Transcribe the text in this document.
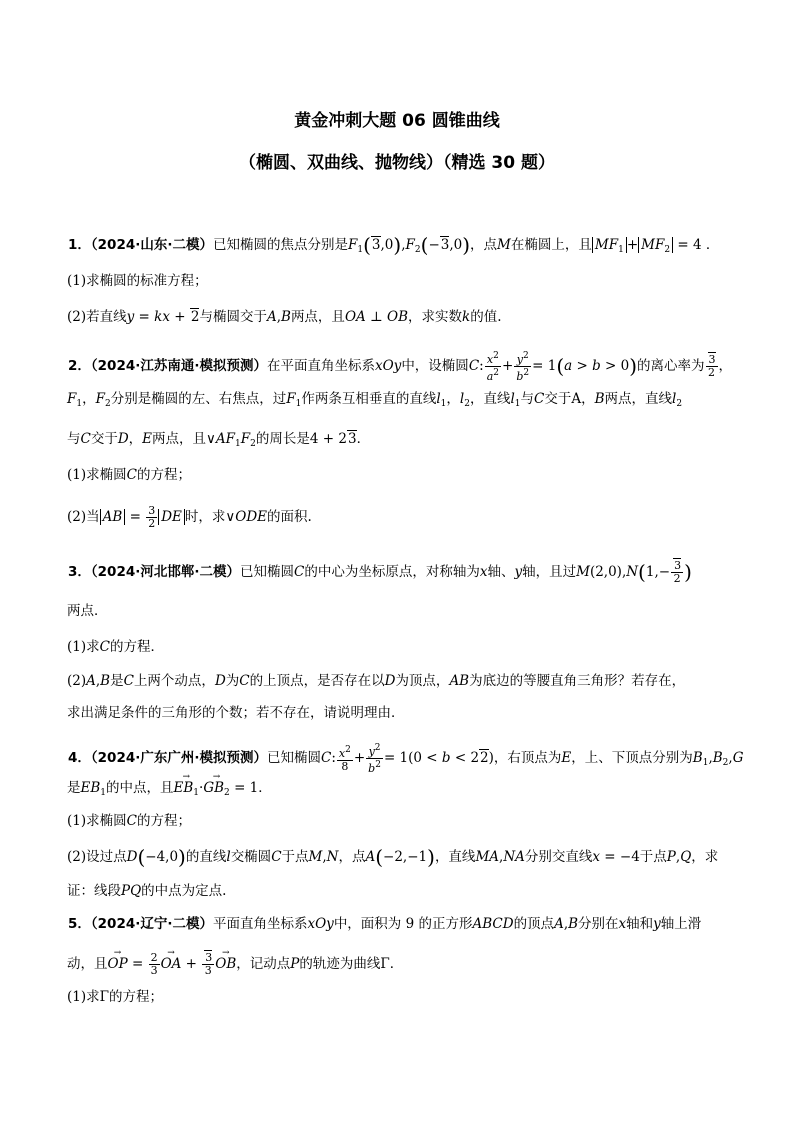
黄金冲刺大题 06 圆锥曲线
（椭圆、双曲线、抛物线）（精选 30 题）
1．（2024·山东·二模）已知椭圆的焦点分别是$F_1(3,0),F_2(-3,0)$，点M在椭圆上，且 $MF_1 + MF_2 = 4$ ．
(1)求椭圆的标准方程；
(2)若直线y = kx + 2与椭圆交于A,B两点，且OA ⊥ OB，求实数k的值.
2．（2024·江苏南通·模拟预测）在平面直角坐标系xOy中，设椭圆C: $\frac{x^2}{a^2} + \frac{y^2}{b^2} = 1(a > b > 0)$的离心率为 $\frac{3}{2}$ ，
$F_1$，$F_2$分别是椭圆的左、右焦点，过$F_1$作两条互相垂直的直线$l_1$，$l_2$，直线$l_1$与C交于A，B两点，直线$l_2$
与C交于D，E两点，且$\vee AF_1F_2$的周长是4 + 23．
(1)求椭圆C的方程；
(2)当 AB = $\frac{3}{2}$ DE 时，求∨ODE的面积.
3．（2024·河北邯郸·二模）已知椭圆C的中心为坐标原点，对称轴为x轴、y轴，且过$M(2,0),N(1,- \frac{3}{2}$ )
两点．
(1)求C的方程．
(2)A,B是C上两个动点，D为C的上顶点，是否存在以D为顶点，AB为底边的等腰直角三角形？若存在，
求出满足条件的三角形的个数；若不存在，请说明理由．
4．（2024·广东广州·模拟预测）已知椭圆C: $\frac{x^2}{8} + \frac{y^2}{b^2} = 1(0 < b < 22)$，右顶点为E，上、下顶点分别为$B_1,B_2,G$
是$EB_1$的中点，且→ $EB_1\cdot\to GB_2 = 1$．
(1)求椭圆C的方程；
(2)设过点D(−4,0)的直线l交椭圆C于点M,N，点A(−2,−1)，直线MA,NA分别交直线x = −4于点P,Q，求
证：线段PQ的中点为定点.
5．（2024·辽宁·二模）平面直角坐标系xOy中，面积为 9 的正方形ABCD的顶点A,B分别在x轴和y轴上滑
动，且→ OP = $\frac{2}{3}$ → OA + $\frac{3}{3}$ → OB，记动点P的轨迹为曲线Γ．
(1)求Γ的方程；
